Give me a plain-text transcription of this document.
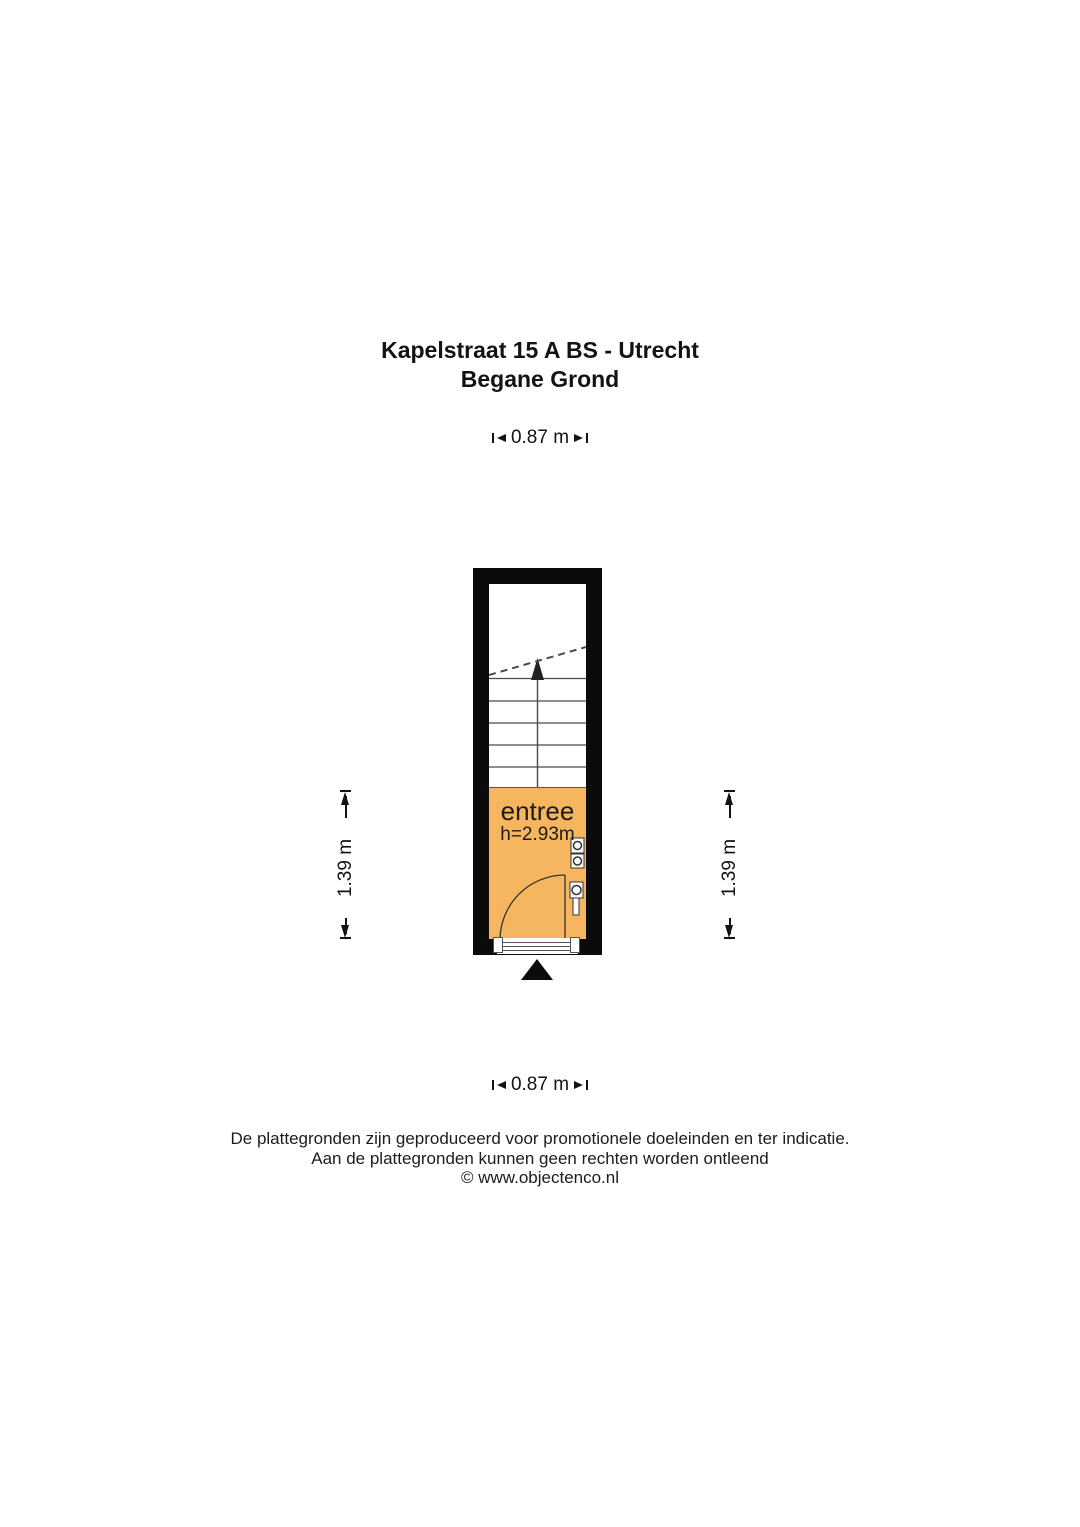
Kapelstraat 15 A BS - Utrecht
Begane Grond
0.87 m
entree
h=2.93m
1.39 m	1.39 m
0.87 m
De plattegronden zijn geproduceerd voor promotionele doeleinden en ter indicatie.
Aan de plattegronden kunnen geen rechten worden ontleend
© www.objectenco.nl
